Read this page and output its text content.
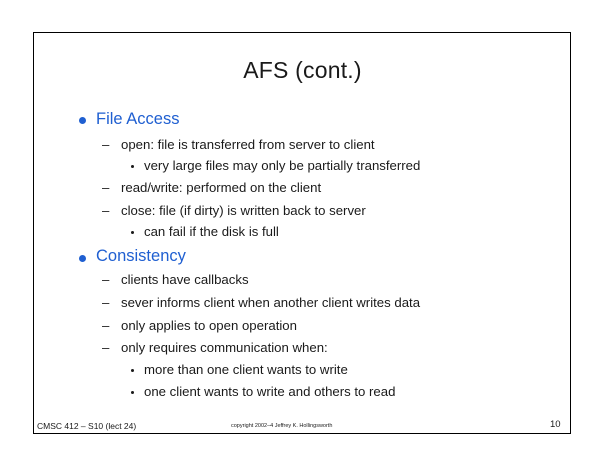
AFS (cont.)
File Access
– open: file is transferred from server to client
very large files may only be partially transferred
– read/write: performed on the client
– close: file (if dirty) is written back to server
can fail if the disk is full
Consistency
– clients have callbacks
– sever informs client when another client writes data
– only applies to open operation
– only requires communication when:
more than one client wants to write
one client wants to write and others to read
CMSC 412 – S10 (lect 24)	copyright 2002–4 Jeffrey K. Hollingsworth	10
